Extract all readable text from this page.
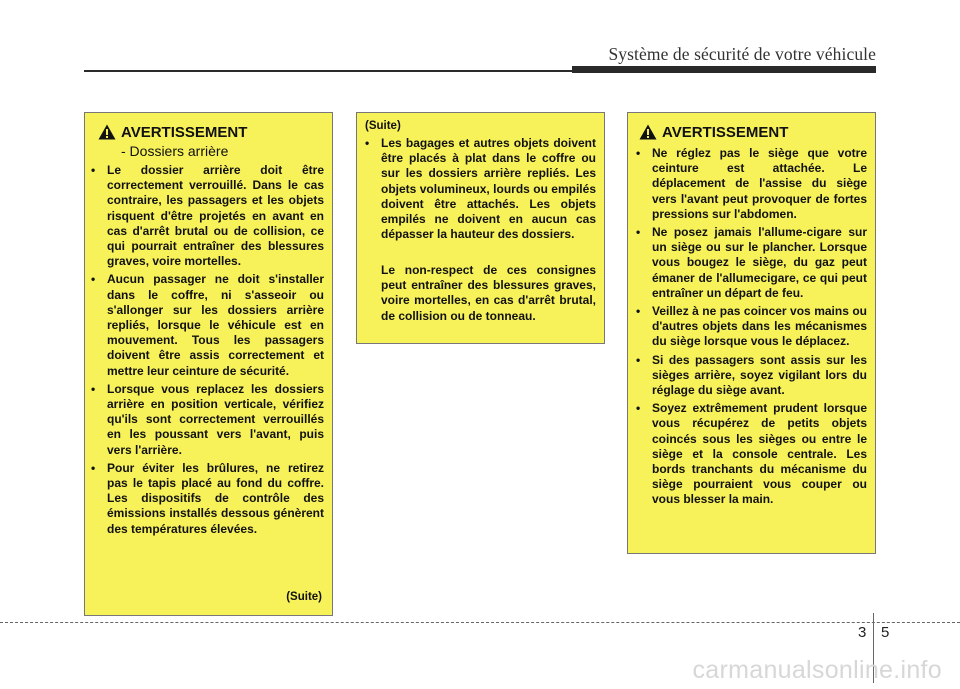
Système de sécurité de votre véhicule
AVERTISSEMENT
- Dossiers arrière
• Le dossier arrière doit être correctement verrouillé. Dans le cas contraire, les passagers et les objets risquent d'être projetés en avant en cas d'arrêt brutal ou de collision, ce qui pourrait entraîner des blessures graves, voire mortelles.
• Aucun passager ne doit s'installer dans le coffre, ni s'asseoir ou s'allonger sur les dossiers arrière repliés, lorsque le véhicule est en mouvement. Tous les passagers doivent être assis correctement et mettre leur ceinture de sécurité.
• Lorsque vous replacez les dossiers arrière en position verticale, vérifiez qu'ils sont correctement verrouillés en les poussant vers l'avant, puis vers l'arrière.
• Pour éviter les brûlures, ne retirez pas le tapis placé au fond du coffre. Les dispositifs de contrôle des émissions installés dessous génèrent des températures élevées.
(Suite)
(Suite)
• Les bagages et autres objets doivent être placés à plat dans le coffre ou sur les dossiers arrière repliés. Les objets volumineux, lourds ou empilés doivent être attachés. Les objets empilés ne doivent en aucun cas dépasser la hauteur des dossiers.

Le non-respect de ces consignes peut entraîner des blessures graves, voire mortelles, en cas d'arrêt brutal, de collision ou de tonneau.

AVERTISSEMENT
• Ne réglez pas le siège que votre ceinture est attachée. Le déplacement de l'assise du siège vers l'avant peut provoquer de fortes pressions sur l'abdomen.
• Ne posez jamais l'allume-cigare sur un siège ou sur le plancher. Lorsque vous bougez le siège, du gaz peut émaner de l'allumecigare, ce qui peut entraîner un départ de feu.
• Veillez à ne pas coincer vos mains ou d'autres objets dans les mécanismes du siège lorsque vous le déplacez.
• Si des passagers sont assis sur les sièges arrière, soyez vigilant lors du réglage du siège avant.
• Soyez extrêmement prudent lorsque vous récupérez de petits objets coincés sous les sièges ou entre le siège et la console centrale. Les bords tranchants du mécanisme du siège pourraient vous couper ou vous blesser la main.
3 5
carmanualsonline.info
